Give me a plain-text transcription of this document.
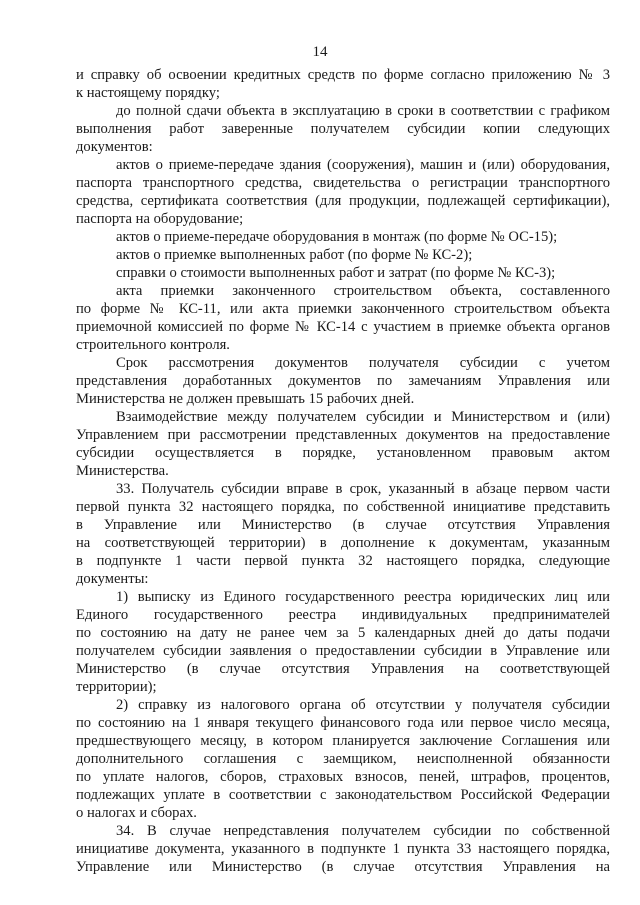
14
и справку об освоении кредитных средств по форме согласно приложению № 3
к настоящему порядку;
до полной сдачи объекта в эксплуатацию в сроки в соответствии с графиком
выполнения работ заверенные получателем субсидии копии следующих
документов:
актов о приеме-передаче здания (сооружения), машин и (или) оборудования,
паспорта транспортного средства, свидетельства о регистрации транспортного
средства, сертификата соответствия (для продукции, подлежащей сертификации),
паспорта на оборудование;
актов о приеме-передаче оборудования в монтаж (по форме № ОС-15);
актов о приемке выполненных работ (по форме № КС-2);
справки о стоимости выполненных работ и затрат (по форме № КС-3);
акта приемки законченного строительством объекта, составленного
по форме № КС-11, или акта приемки законченного строительством объекта
приемочной комиссией по форме № КС-14 с участием в приемке объекта органов
строительного контроля.
Срок рассмотрения документов получателя субсидии с учетом
представления доработанных документов по замечаниям Управления или
Министерства не должен превышать 15 рабочих дней.
Взаимодействие между получателем субсидии и Министерством и (или)
Управлением при рассмотрении представленных документов на предоставление
субсидии осуществляется в порядке, установленном правовым актом
Министерства.
33. Получатель субсидии вправе в срок, указанный в абзаце первом части
первой пункта 32 настоящего порядка, по собственной инициативе представить
в Управление или Министерство (в случае отсутствия Управления
на соответствующей территории) в дополнение к документам, указанным
в подпункте 1 части первой пункта 32 настоящего порядка, следующие
документы:
1) выписку из Единого государственного реестра юридических лиц или
Единого государственного реестра индивидуальных предпринимателей
по состоянию на дату не ранее чем за 5 календарных дней до даты подачи
получателем субсидии заявления о предоставлении субсидии в Управление или
Министерство (в случае отсутствия Управления на соответствующей
территории);
2) справку из налогового органа об отсутствии у получателя субсидии
по состоянию на 1 января текущего финансового года или первое число месяца,
предшествующего месяцу, в котором планируется заключение Соглашения или
дополнительного соглашения с заемщиком, неисполненной обязанности
по уплате налогов, сборов, страховых взносов, пеней, штрафов, процентов,
подлежащих уплате в соответствии с законодательством Российской Федерации
о налогах и сборах.
34. В случае непредставления получателем субсидии по собственной
инициативе документа, указанного в подпункте 1 пункта 33 настоящего порядка,
Управление или Министерство (в случае отсутствия Управления на
